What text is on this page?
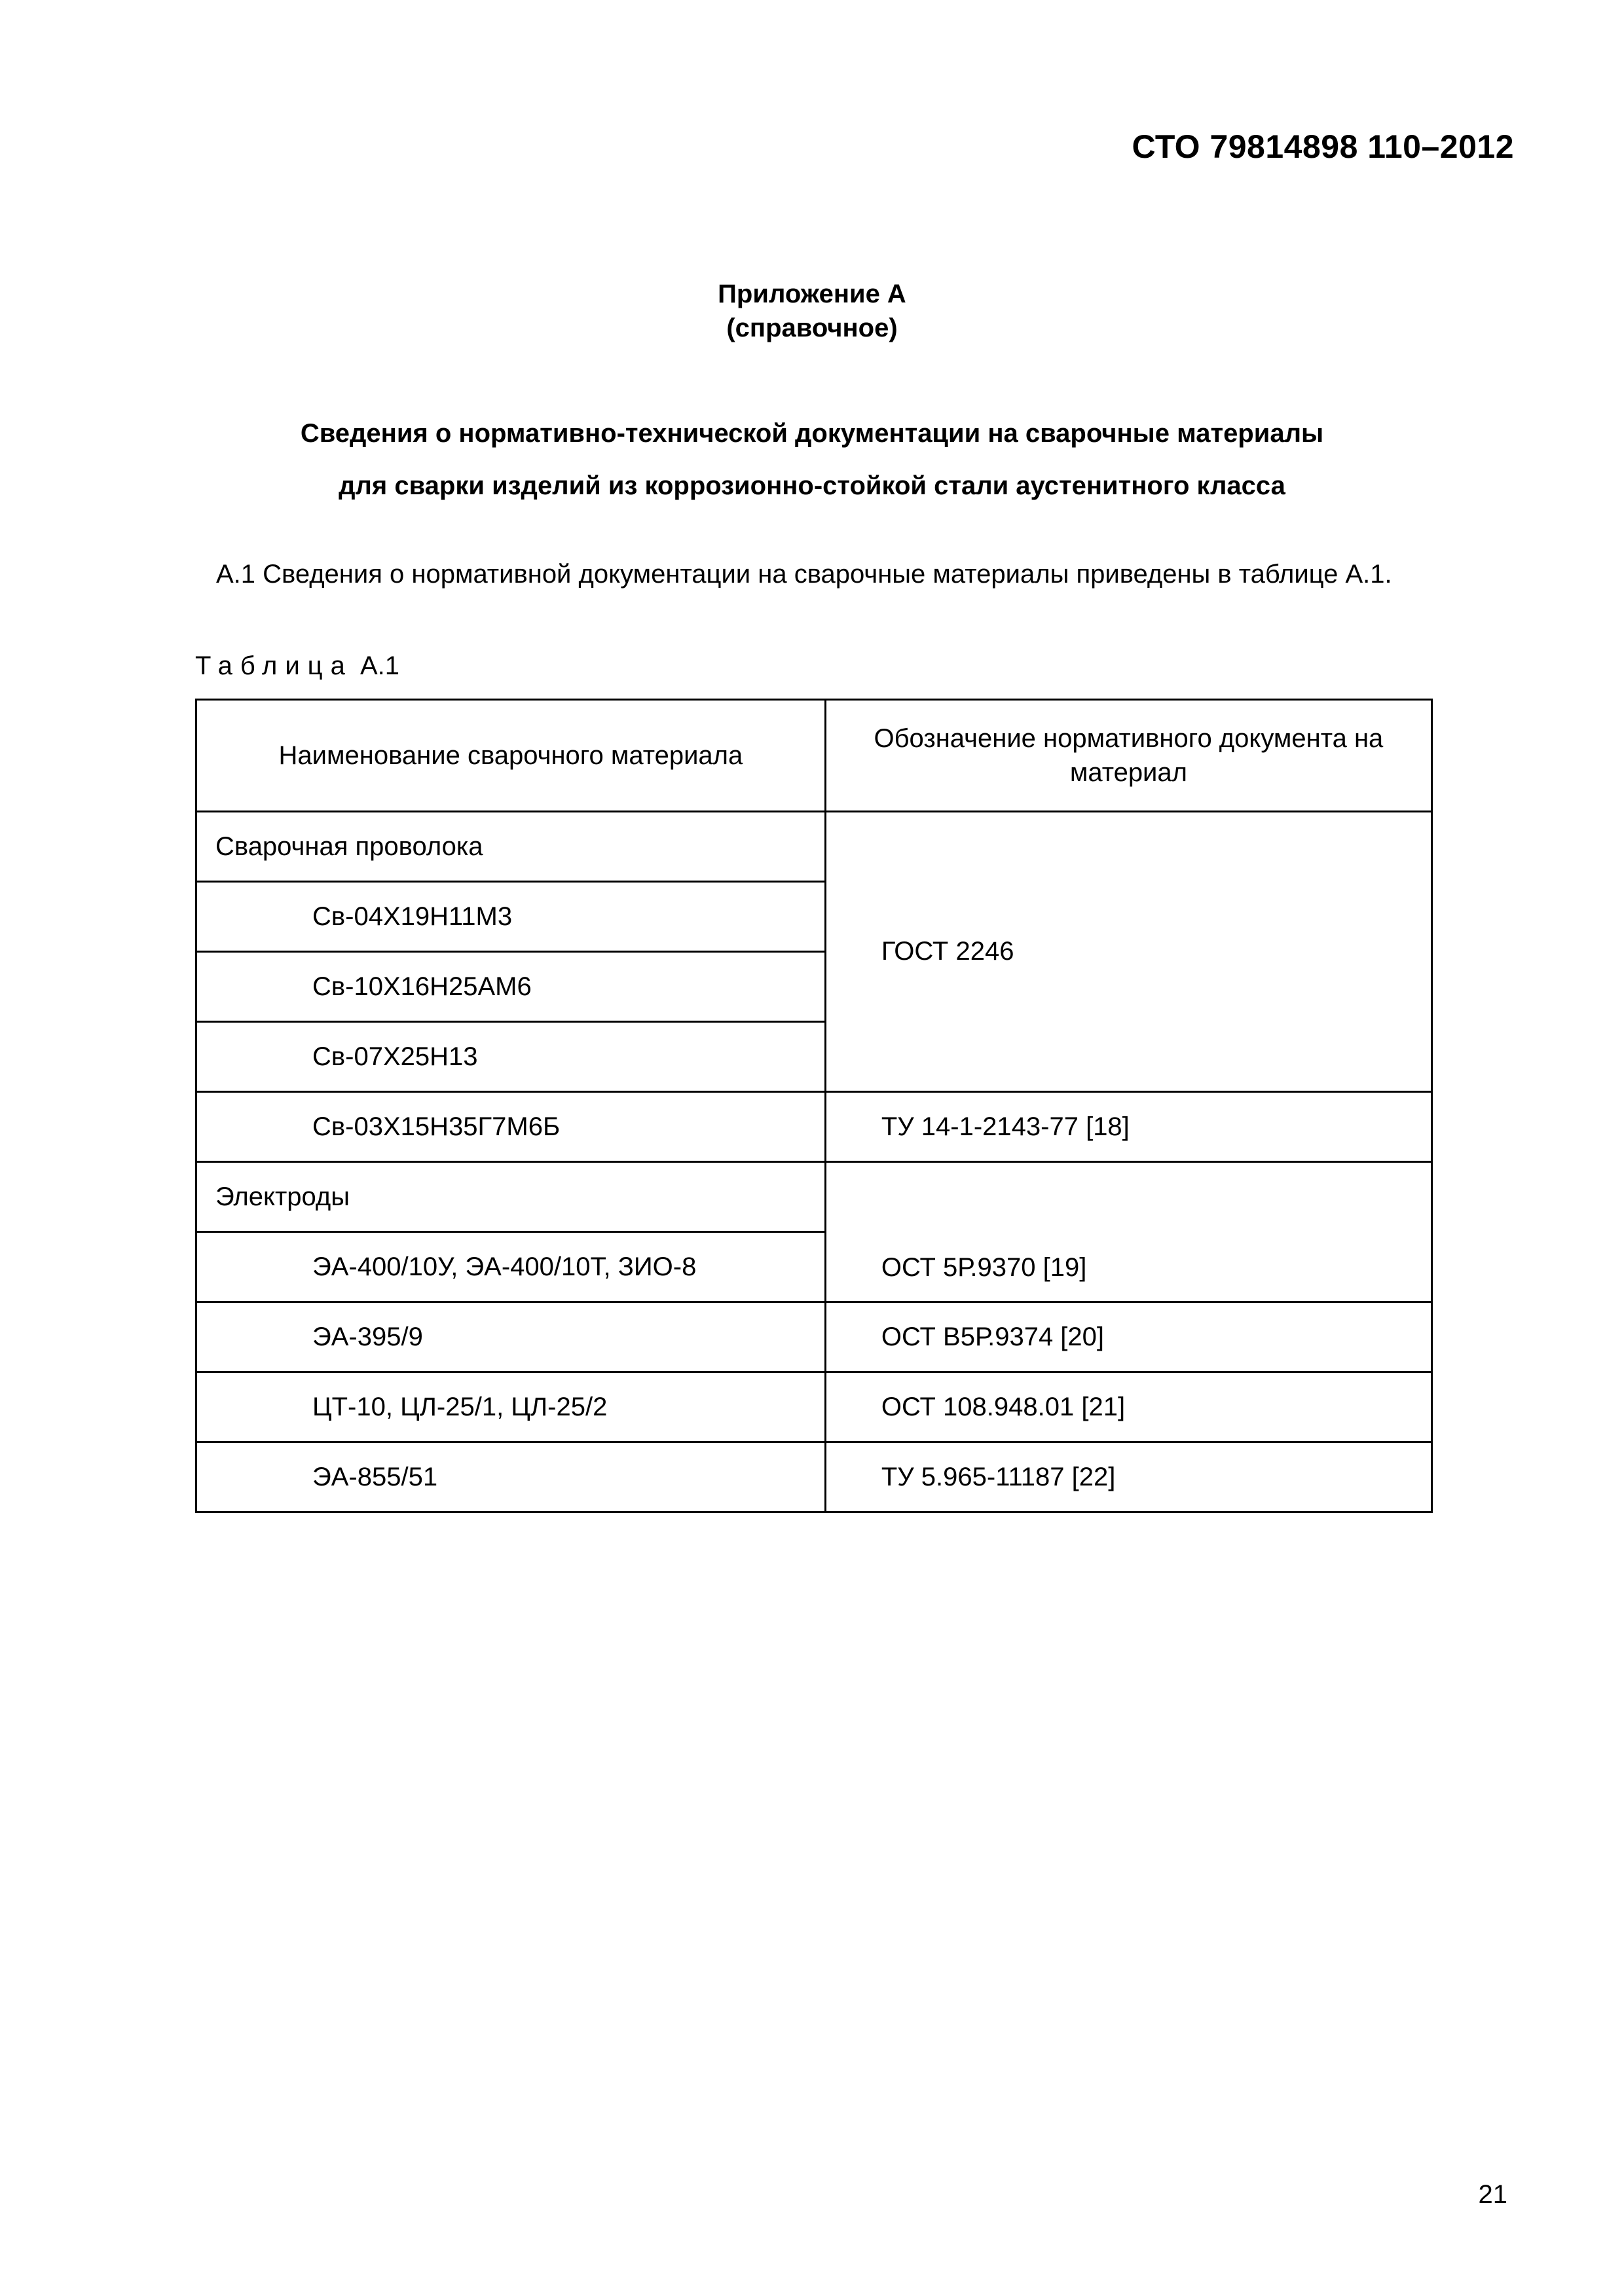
СТО 79814898 110–2012
Приложение А
(справочное)
Сведения о нормативно-технической документации на сварочные материалы
для сварки изделий из коррозионно-стойкой стали аустенитного класса
А.1 Сведения о нормативной документации на сварочные материалы приведены в таблице А.1.
Таблица А.1
Наименование сварочного материала	Обозначение нормативного документа на материал
Сварочная проволока	ГОСТ 2246
Св-04Х19Н11М3	
Св-10Х16Н25АМ6	
Св-07Х25Н13	
Св-03Х15Н35Г7М6Б	ТУ 14-1-2143-77 [18]
Электроды	ОСТ 5Р.9370 [19]
ЭА-400/10У, ЭА-400/10Т, ЗИО-8	
ЭА-395/9	ОСТ В5Р.9374 [20]
ЦТ-10, ЦЛ-25/1, ЦЛ-25/2	ОСТ 108.948.01 [21]
ЭА-855/51	ТУ 5.965-11187 [22]
21
